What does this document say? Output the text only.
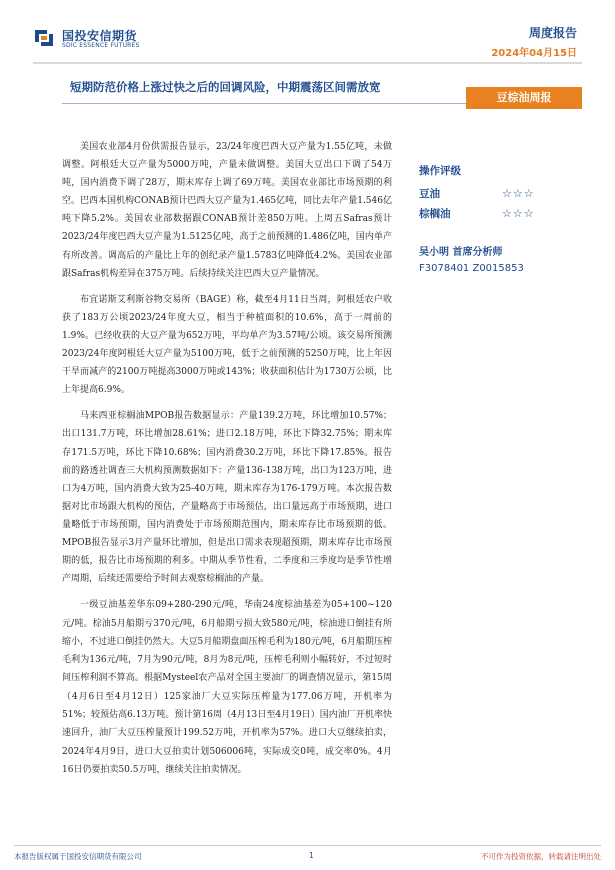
国投安信期货
SDIC ESSENCE FUTURES
周度报告
2024年04月15日
短期防范价格上涨过快之后的回调风险，中期震荡区间需放宽
豆棕油周报

美国农业部4月份供需报告显示，23/24年度巴西大豆产量为1.55亿吨，未做调整。阿根廷大豆产量为5000万吨，产量未做调整。美国大豆出口下调了54万吨，国内消费下调了28万，期末库存上调了69万吨。美国农业部比市场预期的利空。巴西本国机构CONAB预计巴西大豆产量为1.465亿吨，同比去年产量1.546亿吨下降5.2%。美国农业部数据跟CONAB预计差850万吨。上周五Safras预计2023/24年度巴西大豆产量为1.5125亿吨，高于之前预测的1.486亿吨，国内单产有所改善。调高后的产量比上年的创纪录产量1.5783亿吨降低4.2%。美国农业部跟Safras机构差异在375万吨。后续持续关注巴西大豆产量情况。

布宜诺斯艾利斯谷物交易所（BAGE）称，截至4月11日当周，阿根廷农户收获了183万公顷2023/24年度大豆，相当于种植面积的10.6%，高于一周前的1.9%。已经收获的大豆产量为652万吨，平均单产为3.57吨/公顷。该交易所预测2023/24年度阿根廷大豆产量为5100万吨，低于之前预测的5250万吨，比上年因干旱而减产的2100万吨提高3000万吨或143%；收获面积估计为1730万公顷，比上年提高6.9%。

马来西亚棕榈油MPOB报告数据显示：产量139.2万吨，环比增加10.57%；出口131.7万吨，环比增加28.61%；进口2.18万吨，环比下降32.75%；期末库存171.5万吨，环比下降10.68%；国内消费30.2万吨，环比下降17.85%。报告前的路透社调查三大机构预测数据如下：产量136-138万吨，出口为123万吨，进口为4万吨，国内消费大致为25-40万吨，期末库存为176-179万吨。本次报告数据对比市场跟大机构的预估，产量略高于市场预估，出口量远高于市场预期，进口量略低于市场预期，国内消费处于市场预期范围内，期末库存比市场预期的低。MPOB报告显示3月产量环比增加，但是出口需求表现超预期，期末库存比市场预期的低，报告比市场预期的利多。中期从季节性看，二季度和三季度均是季节性增产周期，后续还需要给予时间去观察棕榈油的产量。

一级豆油基差华东09+280-290元/吨，华南24度棕油基差为05+100~120元/吨。棕油5月船期亏370元/吨，6月船期亏损大致580元/吨，棕油进口倒挂有所缩小，不过进口倒挂仍然大。大豆5月船期盘面压榨毛利为180元/吨，6月船期压榨毛利为136元/吨，7月为90元/吨，8月为8元/吨，压榨毛利则小幅转好，不过短时间压榨利润不算高。根据Mysteel农产品对全国主要油厂的调查情况显示，第15周（4月6日至4月12日）125家油厂大豆实际压榨量为177.06万吨，开机率为51%；较预估高6.13万吨。预计第16周（4月13日至4月19日）国内油厂开机率快速回升，油厂大豆压榨量预计199.52万吨，开机率为57%。进口大豆继续拍卖，2024年4月9日，进口大豆拍卖计划506006吨，实际成交0吨，成交率0%。4月16日仍要拍卖50.5万吨，继续关注拍卖情况。

操作评级
豆油	☆☆☆
棕榈油	☆☆☆
吴小明 首席分析师
F3078401 Z0015853
本报告版权属于国投安信期货有限公司	1	不可作为投资依据，转载请注明出处
